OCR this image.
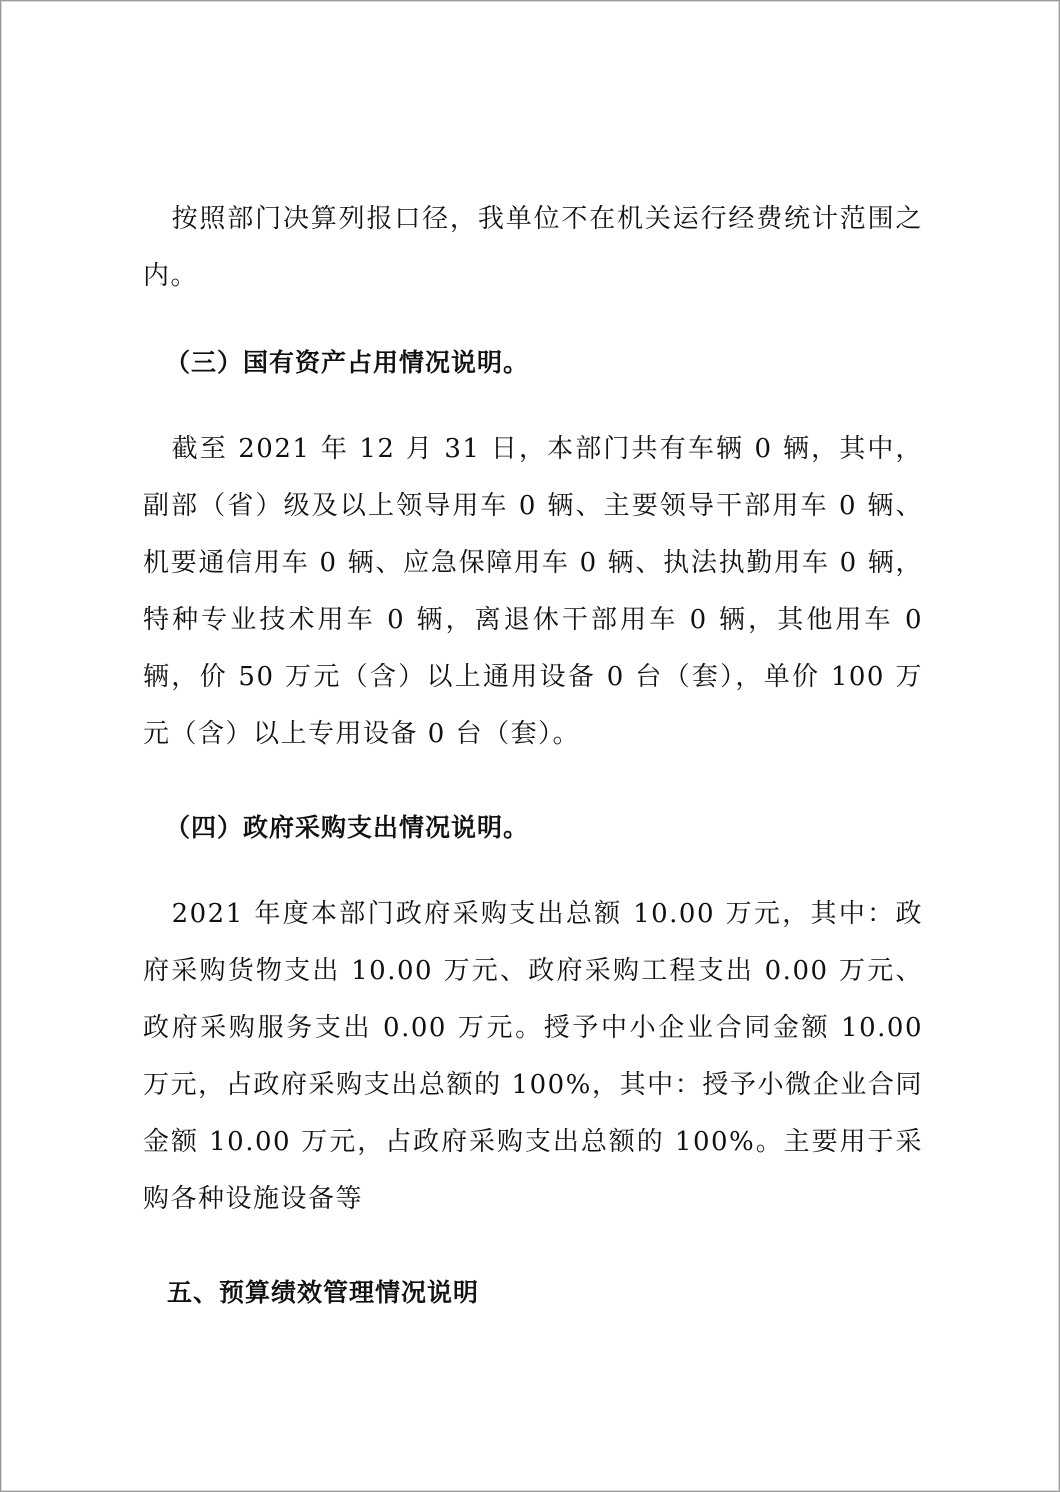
按照部门决算列报口径，我单位不在机关运行经费统计范围之内。

（三）国有资产占用情况说明。

截至 2021 年 12 月 31 日，本部门共有车辆 0 辆，其中，副部（省）级及以上领导用车 0 辆、主要领导干部用车 0 辆、机要通信用车 0 辆、应急保障用车 0 辆、执法执勤用车 0 辆，特种专业技术用车 0 辆，离退休干部用车 0 辆，其他用车 0 辆，价 50 万元（含）以上通用设备 0 台（套），单价 100 万元（含）以上专用设备 0 台（套）。

（四）政府采购支出情况说明。

2021 年度本部门政府采购支出总额 10.00 万元，其中：政府采购货物支出 10.00 万元、政府采购工程支出 0.00 万元、政府采购服务支出 0.00 万元。授予中小企业合同金额 10.00 万元，占政府采购支出总额的 100%，其中：授予小微企业合同金额 10.00 万元，占政府采购支出总额的 100%。主要用于采购各种设施设备等

五、预算绩效管理情况说明
